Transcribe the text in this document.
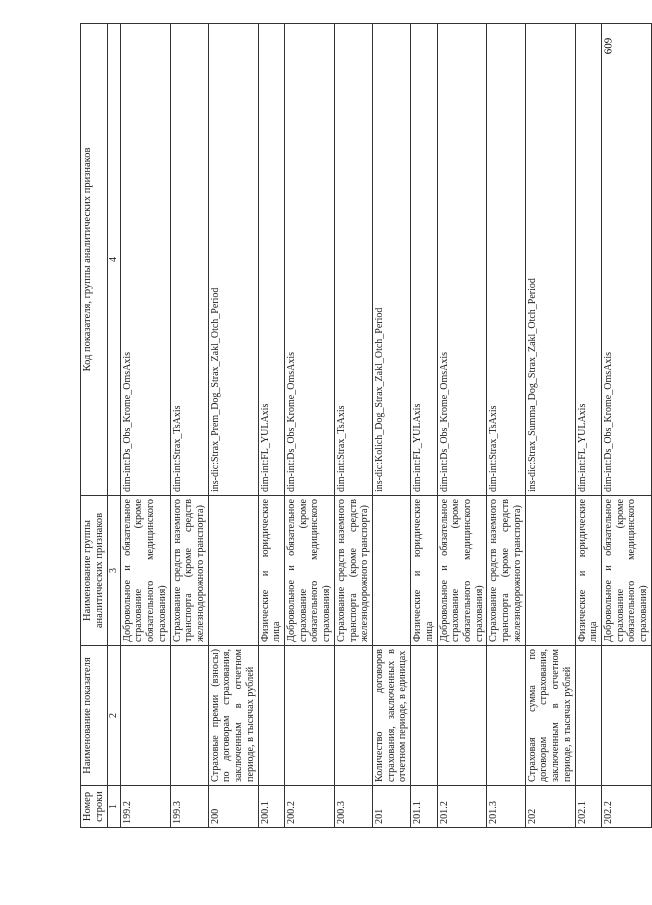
609
Номер строки	Наименование показателя	Наименование группы аналитических признаков	Код показателя, группы аналитических признаков
1	2	3	4
199.2		Добровольное и обязательное страхование (кроме обязательного медицинского страхования)	dim-int:Ds_Obs_Krome_OmsAxis
199.3		Страхование средств наземного транспорта (кроме средств железнодорожного транспорта)	dim-int:Strax_TsAxis
200	Страховые премии (взносы) по договорам страхования, заключенным в отчетном периоде, в тысячах рублей		ins-dic:Strax_Prem_Dog_Strax_Zakl_Otch_Period
200.1		Физические и юридические лица	dim-int:FL_YULAxis
200.2		Добровольное и обязательное страхование (кроме обязательного медицинского страхования)	dim-int:Ds_Obs_Krome_OmsAxis
200.3		Страхование средств наземного транспорта (кроме средств железнодорожного транспорта)	dim-int:Strax_TsAxis
201	Количество договоров страхования, заключенных в отчетном периоде, в единицах		ins-dic:Kolich_Dog_Strax_Zakl_Otch_Period
201.1		Физические и юридические лица	dim-int:FL_YULAxis
201.2		Добровольное и обязательное страхование (кроме обязательного медицинского страхования)	dim-int:Ds_Obs_Krome_OmsAxis
201.3		Страхование средств наземного транспорта (кроме средств железнодорожного транспорта)	dim-int:Strax_TsAxis
202	Страховая сумма по договорам страхования, заключенным в отчетном периоде, в тысячах рублей		ins-dic:Strax_Summa_Dog_Strax_Zakl_Otch_Period
202.1		Физические и юридические лица	dim-int:FL_YULAxis
202.2		Добровольное и обязательное страхование (кроме обязательного медицинского страхования)	dim-int:Ds_Obs_Krome_OmsAxis
